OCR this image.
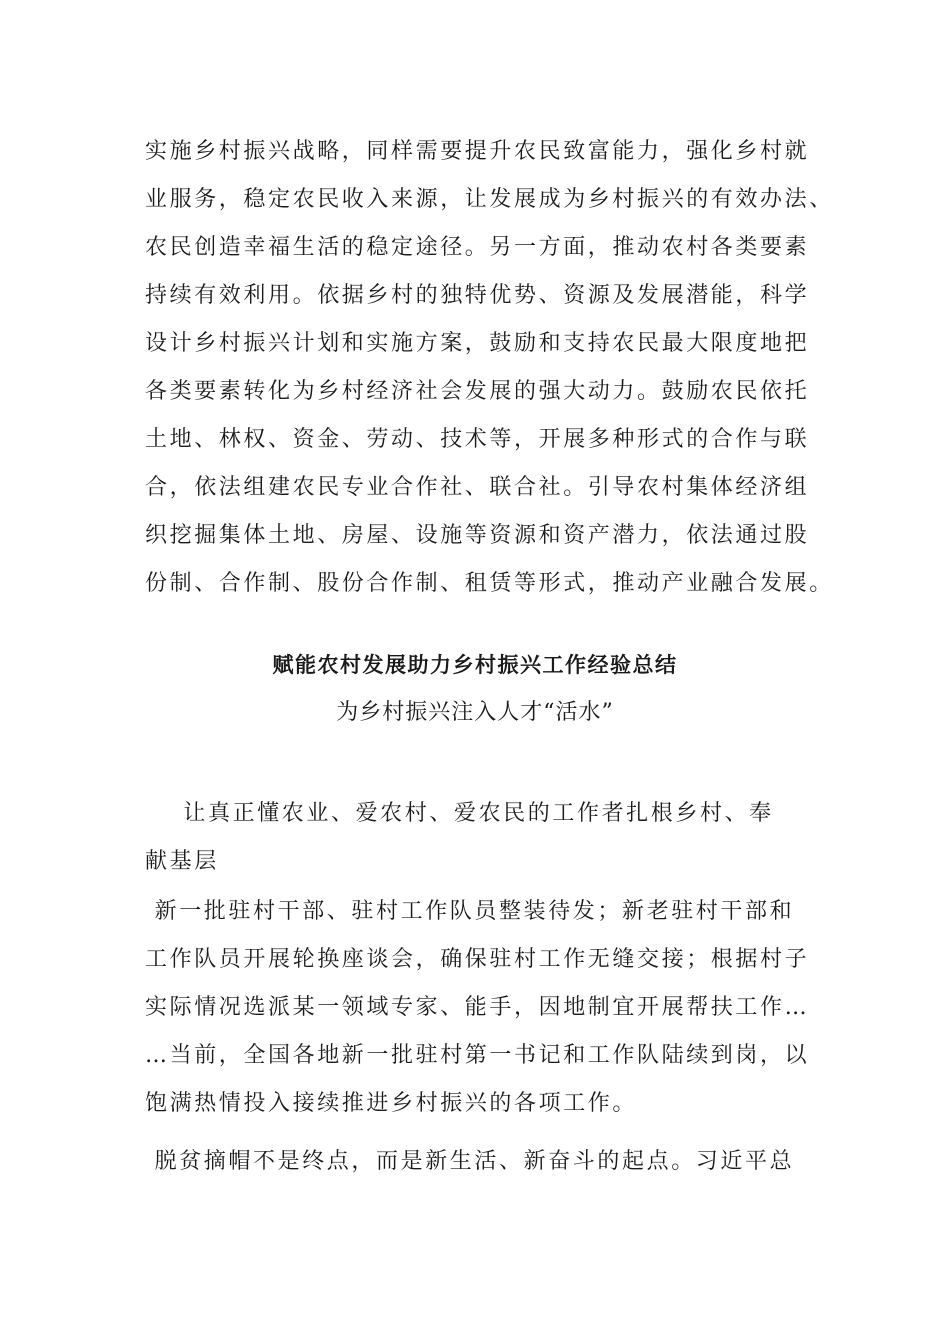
实施乡村振兴战略，同样需要提升农民致富能力，强化乡村就
业服务，稳定农民收入来源，让发展成为乡村振兴的有效办法、
农民创造幸福生活的稳定途径。另一方面，推动农村各类要素
持续有效利用。依据乡村的独特优势、资源及发展潜能，科学
设计乡村振兴计划和实施方案，鼓励和支持农民最大限度地把
各类要素转化为乡村经济社会发展的强大动力。鼓励农民依托
土地、林权、资金、劳动、技术等，开展多种形式的合作与联
合，依法组建农民专业合作社、联合社。引导农村集体经济组
织挖掘集体土地、房屋、设施等资源和资产潜力，依法通过股
份制、合作制、股份合作制、租赁等形式，推动产业融合发展。
赋能农村发展助力乡村振兴工作经验总结
为乡村振兴注入人才“活水”
让真正懂农业、爱农村、爱农民的工作者扎根乡村、奉
献基层
新一批驻村干部、驻村工作队员整装待发；新老驻村干部和
工作队员开展轮换座谈会，确保驻村工作无缝交接；根据村子
实际情况选派某一领域专家、能手，因地制宜开展帮扶工作…
…当前，全国各地新一批驻村第一书记和工作队陆续到岗，以
饱满热情投入接续推进乡村振兴的各项工作。
脱贫摘帽不是终点，而是新生活、新奋斗的起点。习近平总
